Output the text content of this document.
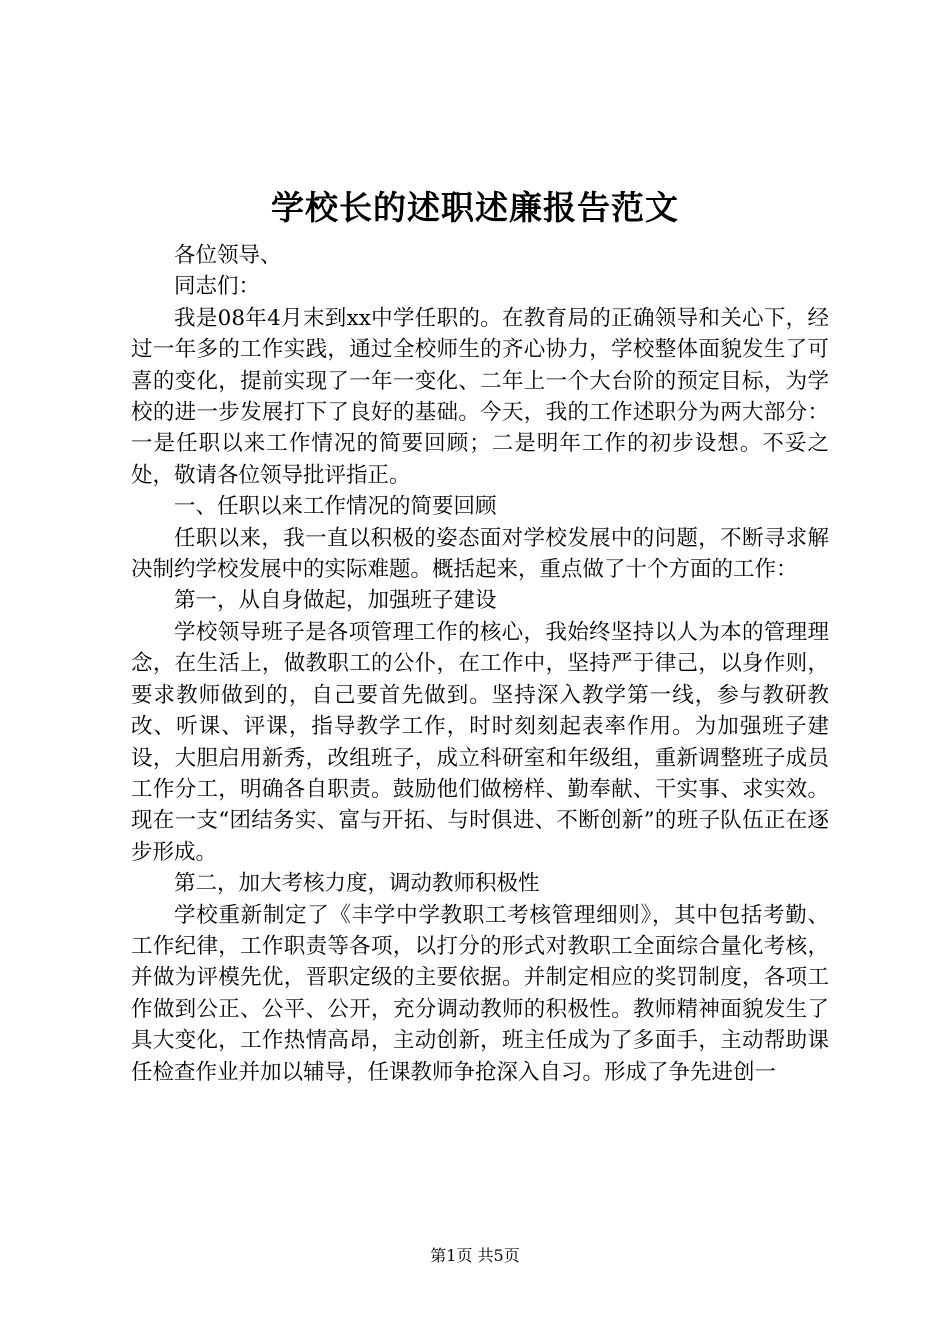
学校长的述职述廉报告范文

各位领导、

同志们：

我是08年4月末到xx中学任职的。在教育局的正确领导和关心下，经过一年多的工作实践，通过全校师生的齐心协力，学校整体面貌发生了可喜的变化，提前实现了一年一变化、二年上一个大台阶的预定目标，为学校的进一步发展打下了良好的基础。今天，我的工作述职分为两大部分：一是任职以来工作情况的简要回顾；二是明年工作的初步设想。不妥之处，敬请各位领导批评指正。

一、任职以来工作情况的简要回顾

任职以来，我一直以积极的姿态面对学校发展中的问题，不断寻求解决制约学校发展中的实际难题。概括起来，重点做了十个方面的工作：

第一，从自身做起，加强班子建设

学校领导班子是各项管理工作的核心，我始终坚持以人为本的管理理念，在生活上，做教职工的公仆，在工作中，坚持严于律己，以身作则，要求教师做到的，自己要首先做到。坚持深入教学第一线，参与教研教改、听课、评课，指导教学工作，时时刻刻起表率作用。为加强班子建设，大胆启用新秀，改组班子，成立科研室和年级组，重新调整班子成员工作分工，明确各自职责。鼓励他们做榜样、勤奉献、干实事、求实效。现在一支“团结务实、富与开拓、与时俱进、不断创新”的班子队伍正在逐步形成。

第二，加大考核力度，调动教师积极性

学校重新制定了《丰学中学教职工考核管理细则》，其中包括考勤、工作纪律，工作职责等各项，以打分的形式对教职工全面综合量化考核，并做为评模先优，晋职定级的主要依据。并制定相应的奖罚制度，各项工作做到公正、公平、公开，充分调动教师的积极性。教师精神面貌发生了具大变化，工作热情高昂，主动创新，班主任成为了多面手，主动帮助课任检查作业并加以辅导，任课教师争抢深入自习。形成了争先进创一

第1页 共5页
